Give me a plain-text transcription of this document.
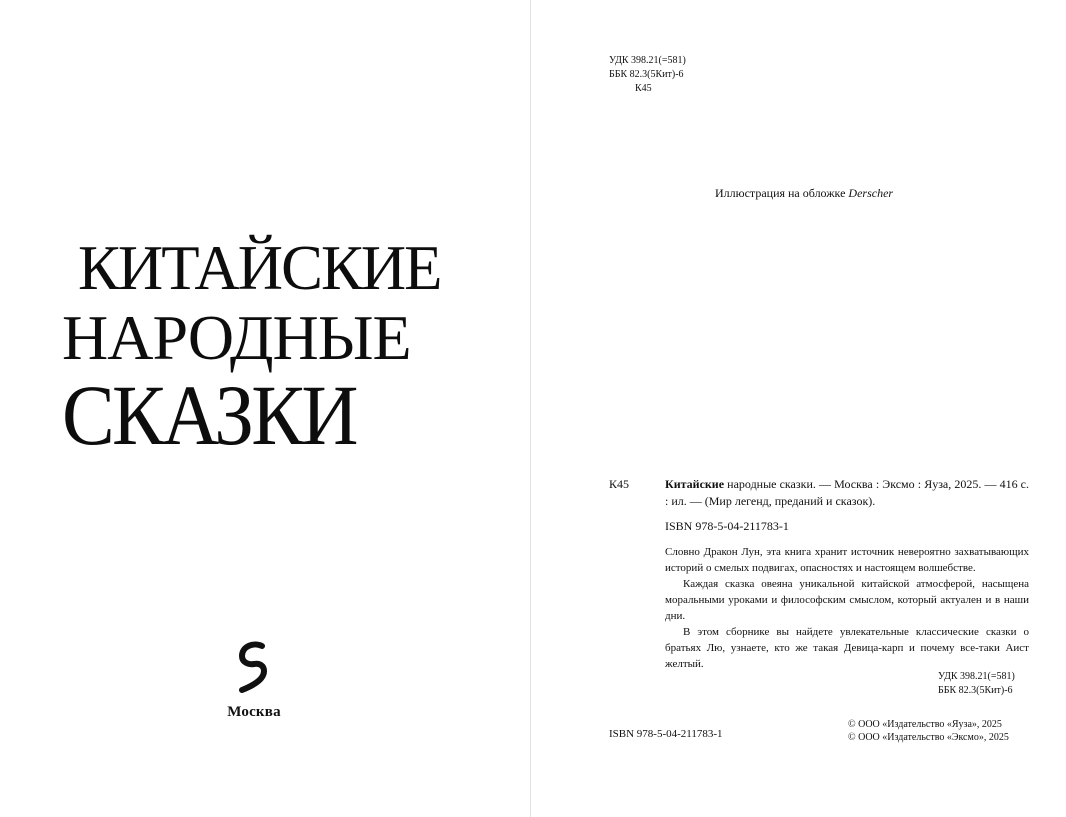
КИТАЙСКИЕ
НАРОДНЫЕ
СКАЗКИ
Москва
УДК 398.21(=581)
ББК 82.3(5Кит)-6
К45
Иллюстрация на обложке Derscher
К45	Китайские народные сказки. — Москва : Эксмо : Яуза, 2025. — 416 с. : ил. — (Мир легенд, преданий и сказок).
ISBN 978-5-04-211783-1

Словно Дракон Лун, эта книга хранит источник невероятно захватывающих историй о смелых подвигах, опасностях и настоящем волшебстве.

Каждая сказка овеяна уникальной китайской атмосферой, насыщена моральными уроками и философским смыслом, который актуален и в наши дни.

В этом сборнике вы найдете увлекательные классические сказки о братьях Лю, узнаете, кто же такая Девица-карп и почему все-таки Аист желтый.

УДК 398.21(=581)
ББК 82.3(5Кит)-6
ISBN 978-5-04-211783-1
© ООО «Издательство «Яуза», 2025
© ООО «Издательство «Эксмо», 2025
